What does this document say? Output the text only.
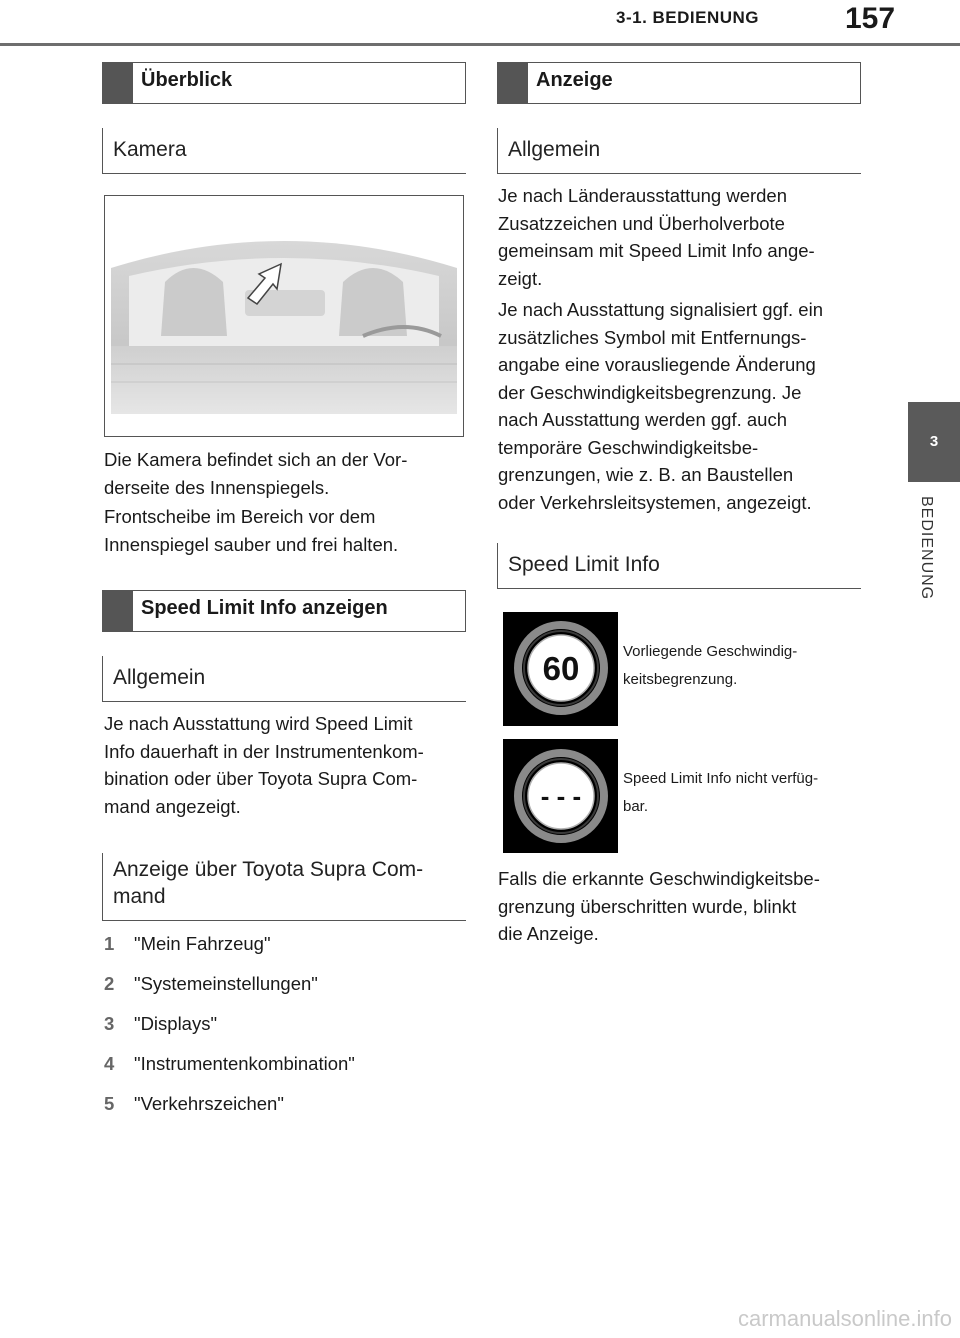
3-1. BEDIENUNG	157
3
BEDIENUNG
Überblick
Kamera

Die Kamera befindet sich an der Vor-
derseite des Innenspiegels.

Frontscheibe im Bereich vor dem
Innenspiegel sauber und frei halten.

Speed Limit Info anzeigen
Allgemein

Je nach Ausstattung wird Speed Limit
Info dauerhaft in der Instrumentenkom-
bination oder über Toyota Supra Com-
mand angezeigt.

Anzeige über Toyota Supra Com-
mand
1 "Mein Fahrzeug"
2 "Systemeinstellungen"
3 "Displays"
4 "Instrumentenkombination"
5 "Verkehrszeichen"
Anzeige
Allgemein

Je nach Länderausstattung werden
Zusatzzeichen und Überholverbote
gemeinsam mit Speed Limit Info ange-
zeigt.

Je nach Ausstattung signalisiert ggf. ein
zusätzliches Symbol mit Entfernungs-
angabe eine vorausliegende Änderung
der Geschwindigkeitsbegrenzung. Je
nach Ausstattung werden ggf. auch
temporäre Geschwindigkeitsbe-
grenzungen, wie z. B. an Baustellen
oder Verkehrsleitsystemen, angezeigt.

Speed Limit Info
60	Vorliegende Geschwindig-
keitsbegrenzung.
- - -
Speed Limit Info nicht verfüg-
bar.

Falls die erkannte Geschwindigkeitsbe-
grenzung überschritten wurde, blinkt
die Anzeige.

carmanualsonline.info
